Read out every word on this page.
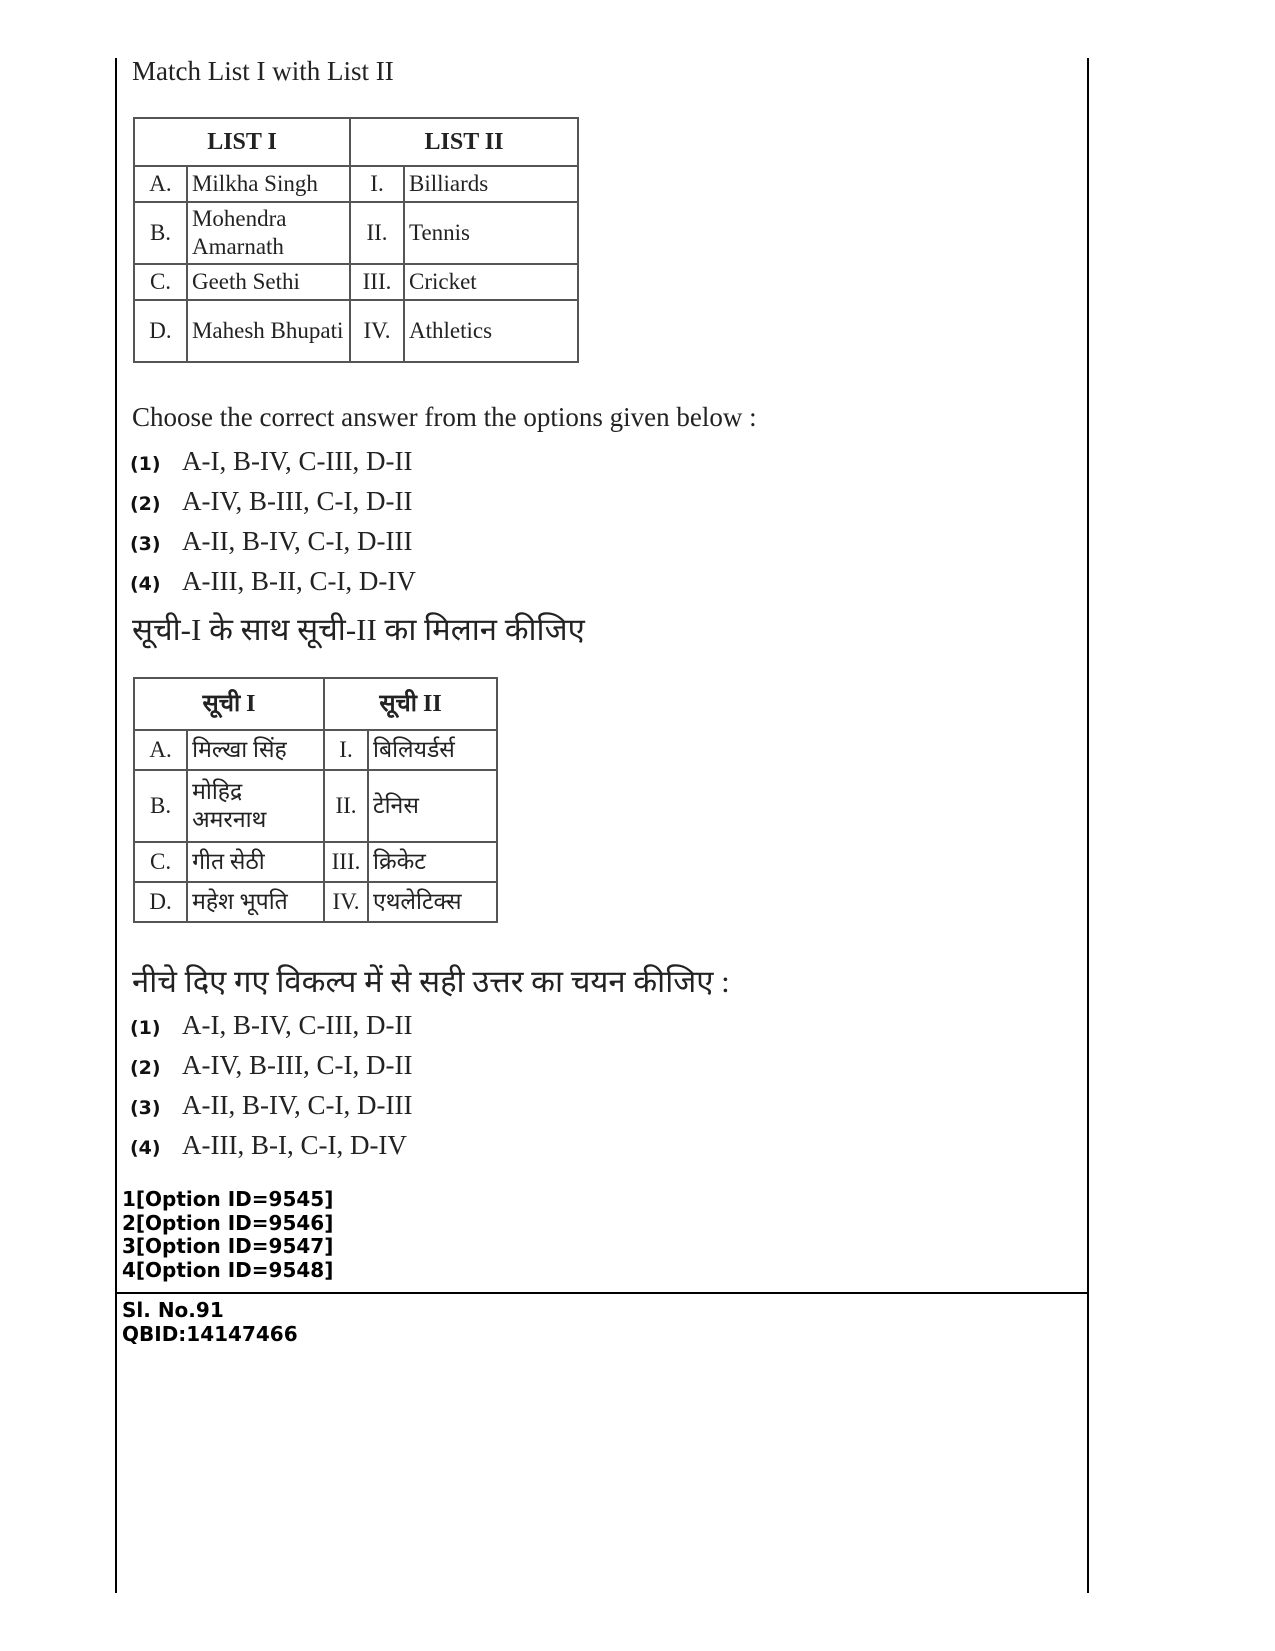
Match List I with List II
LIST I		LIST II	
A.	Milkha Singh	I.	Billiards
B.	Mohendra Amarnath	II.	Tennis
C.	Geeth Sethi	III.	Cricket
D.	Mahesh Bhupati	IV.	Athletics
Choose the correct answer from the options given below :
(1) A-I, B-IV, C-III, D-II
(2) A-IV, B-III, C-I, D-II
(3) A-II, B-IV, C-I, D-III
(4) A-III, B-II, C-I, D-IV
सूची-I के साथ सूची-II का मिलान कीजिए
सूची I		सूची II	
A.	मिल्खा सिंह	I.	बिलियर्डर्स
B.	मोहिद्र अमरनाथ	II.	टेनिस
C.	गीत सेठी	III.	क्रिकेट
D.	महेश भूपति	IV.	एथलेटिक्स
नीचे दिए गए विकल्प में से सही उत्तर का चयन कीजिए :
(1) A-I, B-IV, C-III, D-II
(2) A-IV, B-III, C-I, D-II
(3) A-II, B-IV, C-I, D-III
(4) A-III, B-I, C-I, D-IV
1[Option ID=9545]
2[Option ID=9546]
3[Option ID=9547]
4[Option ID=9548]
Sl. No.91
QBID:14147466
